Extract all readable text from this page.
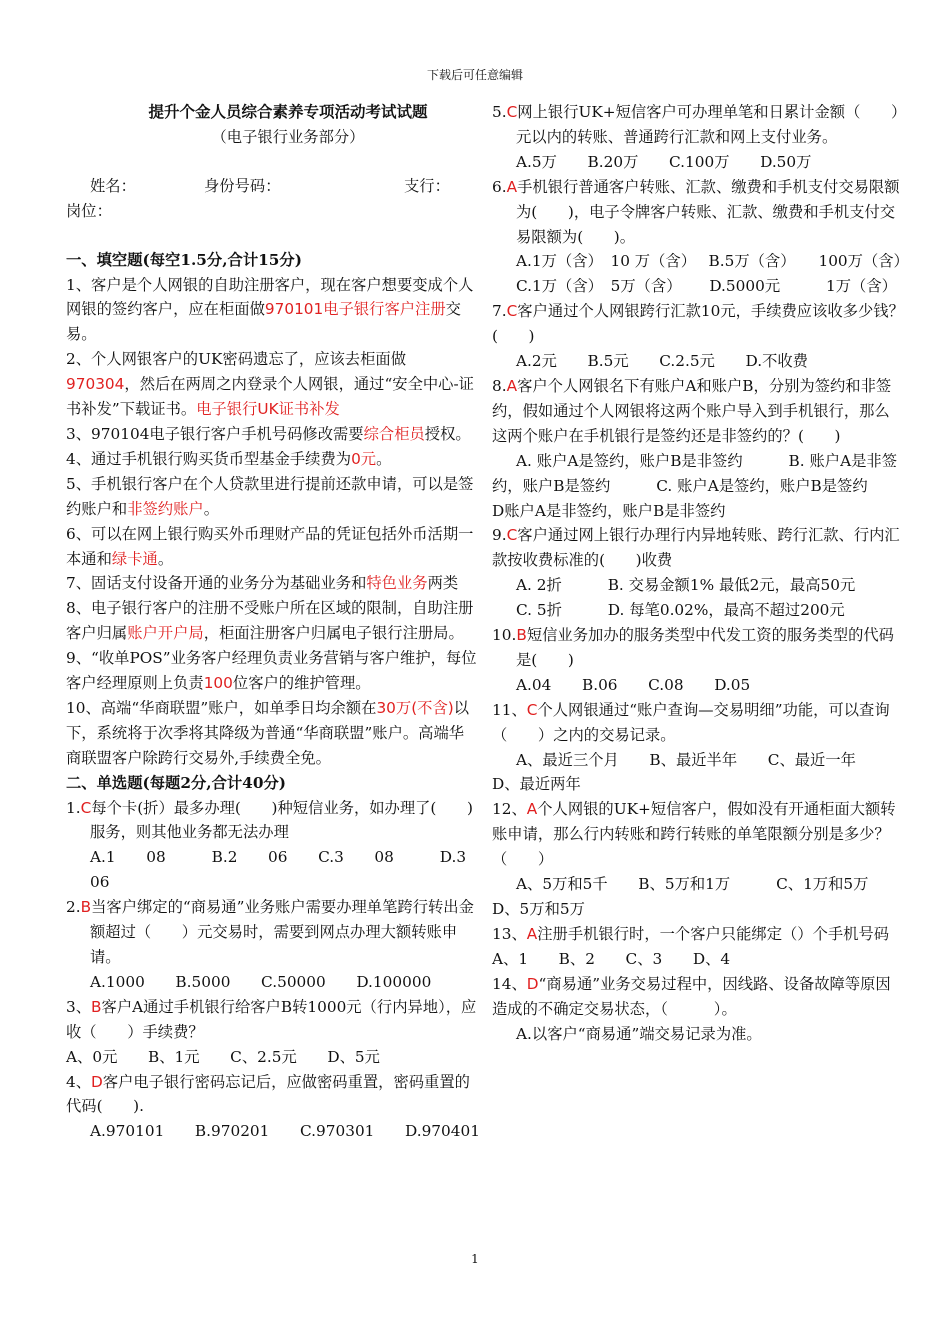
下载后可任意编辑
提升个金人员综合素养专项活动考试试题
（电子银行业务部分）
姓名：	身份号码：	支行：
岗位：
一、填空题(每空1.5分,合计15分)

1、客户是个人网银的自助注册客户，现在客户想要变成个人网银的签约客户，应在柜面做970101电子银行客户注册交易。

2、个人网银客户的UK密码遗忘了，应该去柜面做970304，然后在两周之内登录个人网银，通过“安全中心-证书补发”下载证书。电子银行UK证书补发

3、970104电子银行客户手机号码修改需要综合柜员授权。

4、通过手机银行购买货币型基金手续费为0元。

5、手机银行客户在个人贷款里进行提前还款申请，可以是签约账户和非签约账户。

6、可以在网上银行购买外币理财产品的凭证包括外币活期一本通和绿卡通。

7、固话支付设备开通的业务分为基础业务和特色业务两类

8、电子银行客户的注册不受账户所在区域的限制，自助注册客户归属账户开户局，柜面注册客户归属电子银行注册局。

9、“收单POS”业务客户经理负责业务营销与客户维护，每位客户经理原则上负责100位客户的维护管理。

10、高端“华商联盟”账户，如单季日均余额在30万(不含)以下，系统将于次季将其降级为普通“华商联盟”账户。高端华商联盟客户除跨行交易外,手续费全免。

二、单选题(每题2分,合计40分)

1.C每个卡(折）最多办理(　　)种短信业务，如办理了(　　)服务，则其他业务都无法办理

A.1　　08　　　B.2　　06　　C.3　　08　　　D.3　　06

2.B当客户绑定的“商易通”业务账户需要办理单笔跨行转出金额超过（　　）元交易时，需要到网点办理大额转账申请。

A.1000　　B.5000　　C.50000　　D.100000

3、B客户A通过手机银行给客户B转1000元（行内异地），应收（　　）手续费？

A、0元　　B、1元　　C、2.5元　　D、5元

4、D客户电子银行密码忘记后，应做密码重置，密码重置的代码(　　).

A.970101　　B.970201　　C.970301　　D.970401

5.C网上银行UK+短信客户可办理单笔和日累计金额（　　）元以内的转账、普通跨行汇款和网上支付业务。

A.5万　　B.20万　　C.100万　　D.50万

6.A手机银行普通客户转账、汇款、缴费和手机支付交易限额为(　　)，电子令牌客户转账、汇款、缴费和手机支付交易限额为(　　)。

A.1万（含）　10 万（含）　 B.5万（含）　　100万（含）

C.1万（含）　5万（含）　　 D.5000元　　　1万（含）

7.C客户通过个人网银跨行汇款10元，手续费应该收多少钱？(　　)

A.2元　　B.5元　　C.2.5元　　D.不收费

8.A客户个人网银名下有账户A和账户B，分别为签约和非签约，假如通过个人网银将这两个账户导入到手机银行，那么这两个账户在手机银行是签约还是非签约的？(　　)

A. 账户A是签约，账户B是非签约　　　B. 账户A是非签约，账户B是签约　　　C. 账户A是签约，账户B是签约　　　D账户A是非签约，账户B是非签约

9.C客户通过网上银行办理行内异地转账、跨行汇款、行内汇款按收费标准的(　　)收费

A. 2折　　　B. 交易金额1% 最低2元，最高50元

C. 5折　　　D. 每笔0.02%，最高不超过200元

10.B短信业务加办的服务类型中代发工资的服务类型的代码是(　　)

A.04　　B.06　　C.08　　D.05

11、C个人网银通过“账户查询—交易明细”功能，可以查询（　　）之内的交易记录。

A、最近三个月　　B、最近半年　　C、最近一年　　D、最近两年

12、A个人网银的UK+短信客户，假如没有开通柜面大额转账申请，那么行内转账和跨行转账的单笔限额分别是多少？（　　）

A、5万和5千　　B、5万和1万　　　C、1万和5万　　D、5万和5万

13、A注册手机银行时，一个客户只能绑定（）个手机号码

A、1　　B、2　　C、3　　D、4

14、D“商易通”业务交易过程中，因线路、设备故障等原因造成的不确定交易状态，（　　　）。

A.以客户“商易通”端交易记录为准。

1
